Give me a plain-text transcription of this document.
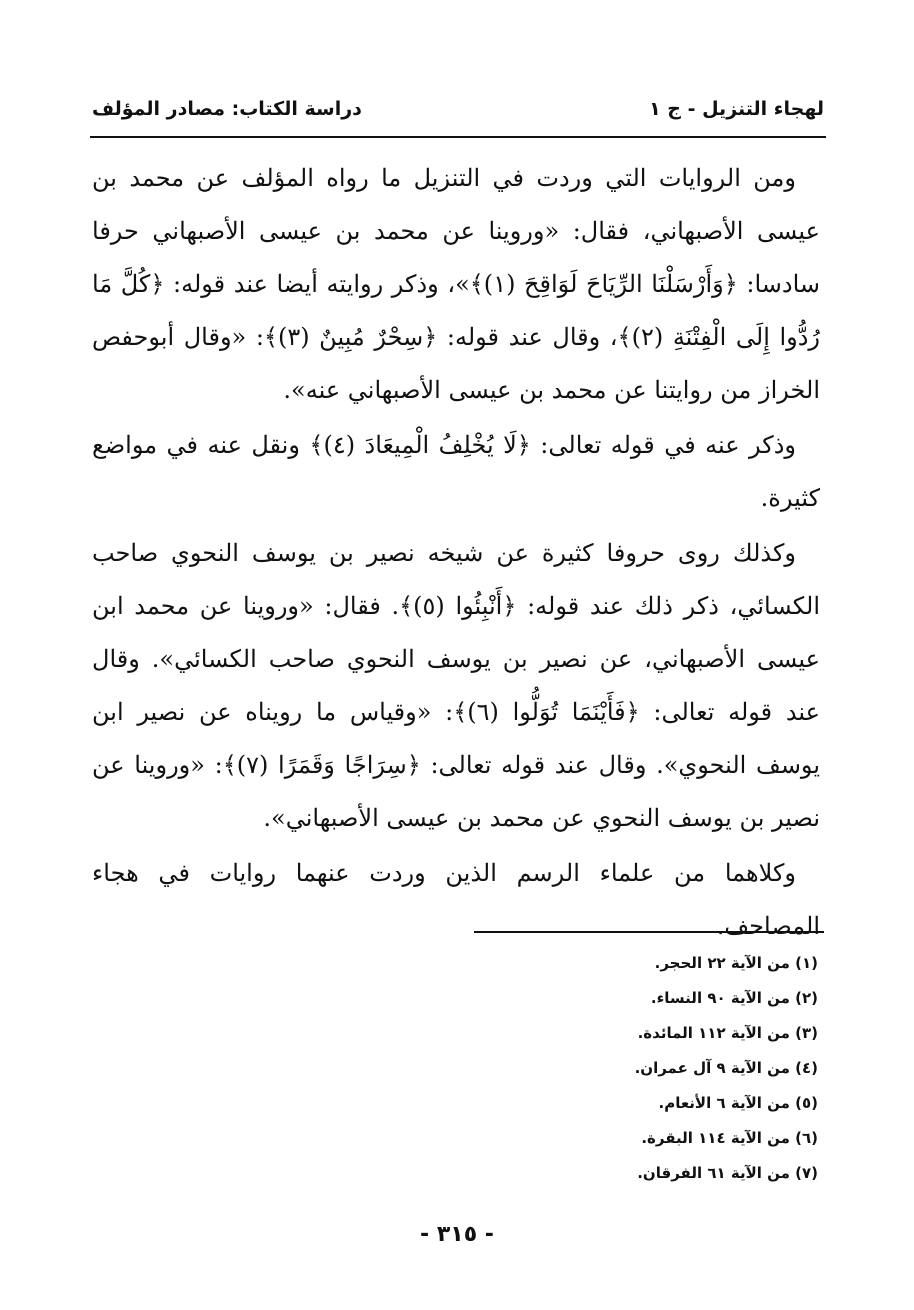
لهجاء التنزيل - ج ١
دراسة الكتاب: مصادر المؤلف

ومن الروايات التي وردت في التنزيل ما رواه المؤلف عن محمد بن عيسى الأصبهاني، فقال: «وروينا عن محمد بن عيسى الأصبهاني حرفا سادسا: ﴿وَأَرْسَلْنَا الرِّيَاحَ لَوَاقِحَ (١)﴾»، وذكر روايته أيضا عند قوله: ﴿كُلَّ مَا رُدُّوا إِلَى الْفِتْنَةِ (٢)﴾، وقال عند قوله: ﴿سِحْرٌ مُبِينٌ (٣)﴾: «وقال أبوحفص الخراز من روايتنا عن محمد بن عيسى الأصبهاني عنه».

وذكر عنه في قوله تعالى: ﴿لَا يُخْلِفُ الْمِيعَادَ (٤)﴾ ونقل عنه في مواضع كثيرة.

وكذلك روى حروفا كثيرة عن شيخه نصير بن يوسف النحوي صاحب الكسائي، ذكر ذلك عند قوله: ﴿أَنْبِئُوا (٥)﴾. فقال: «وروينا عن محمد ابن عيسى الأصبهاني، عن نصير بن يوسف النحوي صاحب الكسائي». وقال عند قوله تعالى: ﴿فَأَيْنَمَا تُوَلُّوا (٦)﴾: «وقياس ما رويناه عن نصير ابن يوسف النحوي». وقال عند قوله تعالى: ﴿سِرَاجًا وَقَمَرًا (٧)﴾: «وروينا عن نصير بن يوسف النحوي عن محمد بن عيسى الأصبهاني».

وكلاهما من علماء الرسم الذين وردت عنهما روايات في هجاء المصاحف.

(١) من الآية ٢٢ الحجر.

(٢) من الآية ٩٠ النساء.

(٣) من الآية ١١٢ المائدة.

(٤) من الآية ٩ آل عمران.

(٥) من الآية ٦ الأنعام.

(٦) من الآية ١١٤ البقرة.

(٧) من الآية ٦١ الفرقان.

- ٣١٥ -
